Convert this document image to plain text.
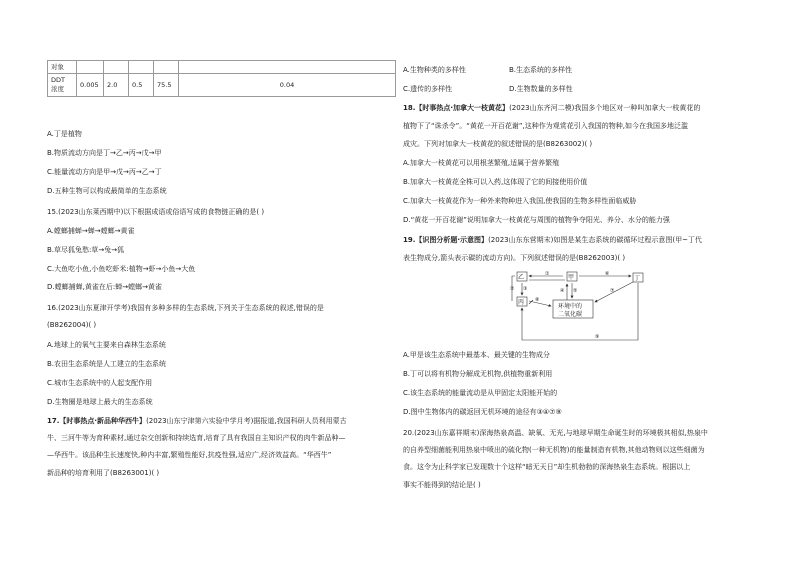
对象					
DDT
浓度	0.005	2.0	0.5	75.5	0.04
A.丁是植物
B.物质流动方向是丁→乙→丙→戊→甲
C.能量流动方向是甲→戊→丙→乙→丁
D.五种生物可以构成最简单的生态系统
15.(2023山东莱西期中)以下根据成语或俗语写成的食物链正确的是( )
A.螳螂捕蝉→蝉→螳螂→黄雀
B.草尽狐兔愁:草→兔→狐
C.大鱼吃小鱼,小鱼吃虾米:植物→虾→小鱼→大鱼
D.螳螂捕蝉,黄雀在后:蝉→螳螂→黄雀
16.(2023山东夏津开学考)我国有多种多样的生态系统,下列关于生态系统的叙述,错误的是
(B8262004)( )
A.地球上的氧气主要来自森林生态系统
B.农田生态系统是人工建立的生态系统
C.城市生态系统中的人起支配作用
D.生物圈是地球上最大的生态系统
17.【时事热点·新品种华西牛】(2023山东宁津第六实验中学月考)据报道,我国科研人员利用蒙古
牛、三河牛等为育种素材,通过杂交创新和持续选育,培育了具有我国自主知识产权的肉牛新品种—
—华西牛。该品种生长速度快,种内丰富,繁殖性能好,抗疫性强,适应广,经济效益高。“华西牛”
新品种的培育利用了(B8263001)( )
A.生物种类的多样性	B.生态系统的多样性
C.遗传的多样性	D.生物数量的多样性
18.【时事热点·加拿大一枝黄花】(2023山东齐河二模)我国多个地区对一种叫加拿大一枝黄花的
植物下了“诛杀令”。“黄花一开百花谢”,这种作为观赏花引入我国的物种,如今在我国多地泛滥
成灾。下列对加拿大一枝黄花的叙述错误的是(B8263002)( )
A.加拿大一枝黄花可以用根茎繁殖,适属于营养繁殖
B.加拿大一枝黄花全株可以入药,这体现了它的间接使用价值
C.加拿大一枝黄花作为一种外来物种进入我国,使我国的生物多样性面临威胁
D.“黄花一开百花谢”说明加拿大一枝黄花与周围的植物争夺阳光、养分、水分的能力强
19.【识图分析题·示意图】(2023山东东营期末)如图是某生态系统的碳循环过程示意图(甲~丁代
表生物成分,箭头表示碳的流动方向)。下列叙述错误的是(B8262003)( )
乙
丙
甲	丁
环境中的
二氧化碳
①
② ③	④ ⑤
⑥
⑦
⑧
⑨
A.甲是该生态系统中最基本、最关键的生物成分
B.丁可以将有机物分解成无机物,供植物重新利用
C.该生态系统的能量流动是从甲固定太阳能开始的
D.图中生物体内的碳返回无机环境的途径有③④⑦⑨
20.(2023山东嘉祥期末)深海热泉高温、缺氧、无光,与地球早期生命诞生时的环境极其相似,热泉中
的自养型细菌能利用热泉中喷出的硫化物(一种无机物)的能量制造有机物,其他动物则以这些细菌为
食。这令为止科学家已发现数十个这样“暗无天日”却生机勃勃的深海热泉生态系统。根据以上
事实不能得到的结论是( )
